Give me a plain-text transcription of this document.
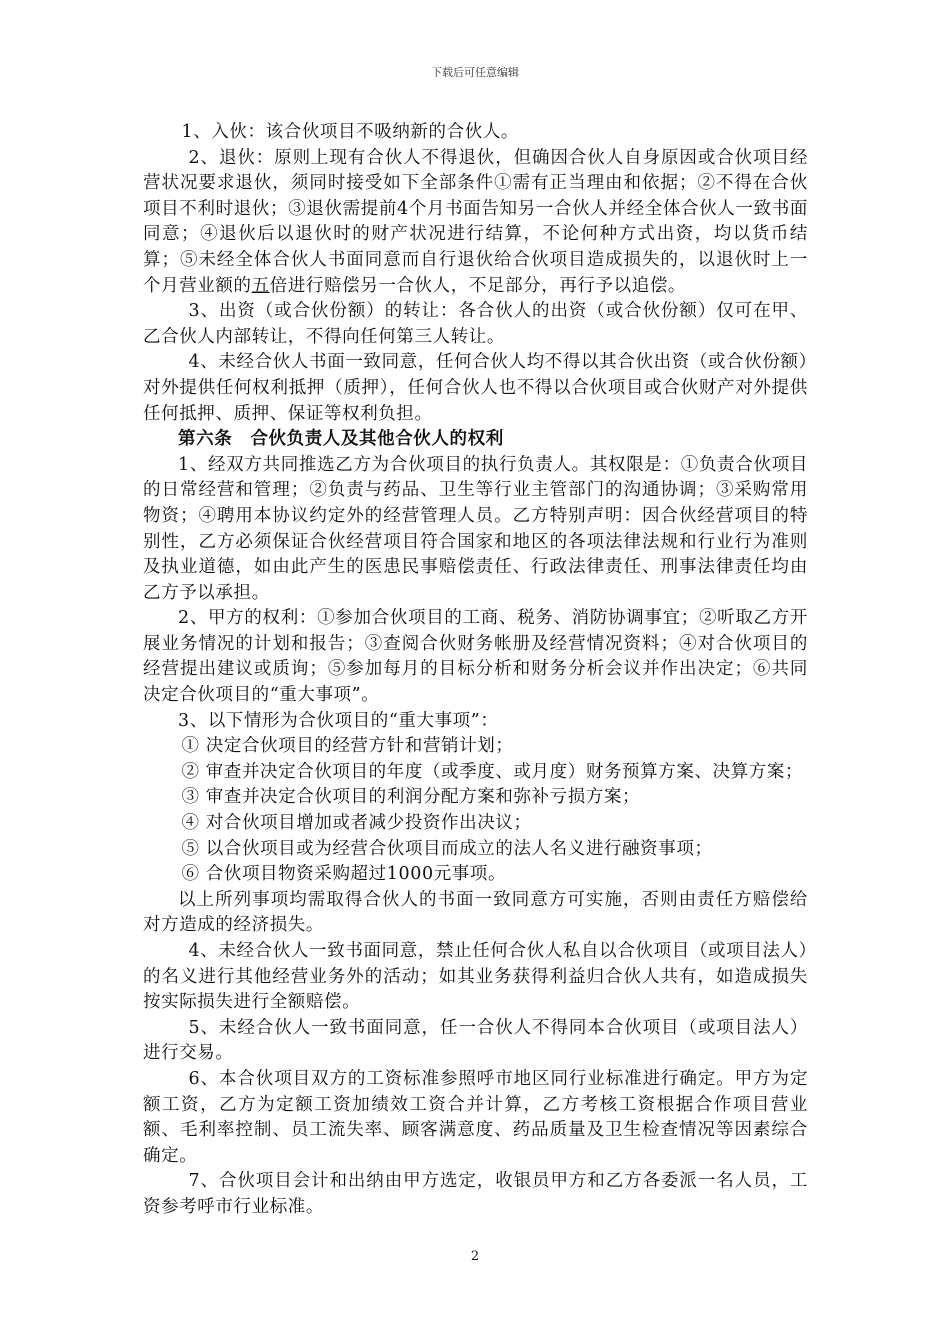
下载后可任意编辑

1、入伙：该合伙项目不吸纳新的合伙人。

2、退伙：原则上现有合伙人不得退伙，但确因合伙人自身原因或合伙项目经营状况要求退伙，须同时接受如下全部条件①需有正当理由和依据；②不得在合伙项目不利时退伙；③退伙需提前4个月书面告知另一合伙人并经全体合伙人一致书面同意；④退伙后以退伙时的财产状况进行结算，不论何种方式出资，均以货币结算；⑤未经全体合伙人书面同意而自行退伙给合伙项目造成损失的，以退伙时上一个月营业额的五倍进行赔偿另一合伙人，不足部分，再行予以追偿。

3、出资（或合伙份额）的转让：各合伙人的出资（或合伙份额）仅可在甲、乙合伙人内部转让，不得向任何第三人转让。

4、未经合伙人书面一致同意，任何合伙人均不得以其合伙出资（或合伙份额）对外提供任何权利抵押（质押），任何合伙人也不得以合伙项目或合伙财产对外提供任何抵押、质押、保证等权利负担。

第六条　合伙负责人及其他合伙人的权利

1、经双方共同推选乙方为合伙项目的执行负责人。其权限是：①负责合伙项目的日常经营和管理；②负责与药品、卫生等行业主管部门的沟通协调；③采购常用物资；④聘用本协议约定外的经营管理人员。乙方特别声明：因合伙经营项目的特别性，乙方必须保证合伙经营项目符合国家和地区的各项法律法规和行业行为准则及执业道德，如由此产生的医患民事赔偿责任、行政法律责任、刑事法律责任均由乙方予以承担。

2、甲方的权利：①参加合伙项目的工商、税务、消防协调事宜；②听取乙方开展业务情况的计划和报告；③查阅合伙财务帐册及经营情况资料；④对合伙项目的经营提出建议或质询；⑤参加每月的目标分析和财务分析会议并作出决定；⑥共同决定合伙项目的“重大事项”。

3、以下情形为合伙项目的“重大事项”：

① 决定合伙项目的经营方针和营销计划；

② 审查并决定合伙项目的年度（或季度、或月度）财务预算方案、决算方案；

③ 审查并决定合伙项目的利润分配方案和弥补亏损方案；

④ 对合伙项目增加或者减少投资作出决议；

⑤ 以合伙项目或为经营合伙项目而成立的法人名义进行融资事项；

⑥ 合伙项目物资采购超过1000元事项。

以上所列事项均需取得合伙人的书面一致同意方可实施，否则由责任方赔偿给对方造成的经济损失。

4、未经合伙人一致书面同意，禁止任何合伙人私自以合伙项目（或项目法人）的名义进行其他经营业务外的活动；如其业务获得利益归合伙人共有，如造成损失按实际损失进行全额赔偿。

5、未经合伙人一致书面同意，任一合伙人不得同本合伙项目（或项目法人）进行交易。

6、本合伙项目双方的工资标准参照呼市地区同行业标准进行确定。甲方为定额工资，乙方为定额工资加绩效工资合并计算，乙方考核工资根据合作项目营业额、毛利率控制、员工流失率、顾客满意度、药品质量及卫生检查情况等因素综合确定。

7、合伙项目会计和出纳由甲方选定，收银员甲方和乙方各委派一名人员，工资参考呼市行业标准。

2
